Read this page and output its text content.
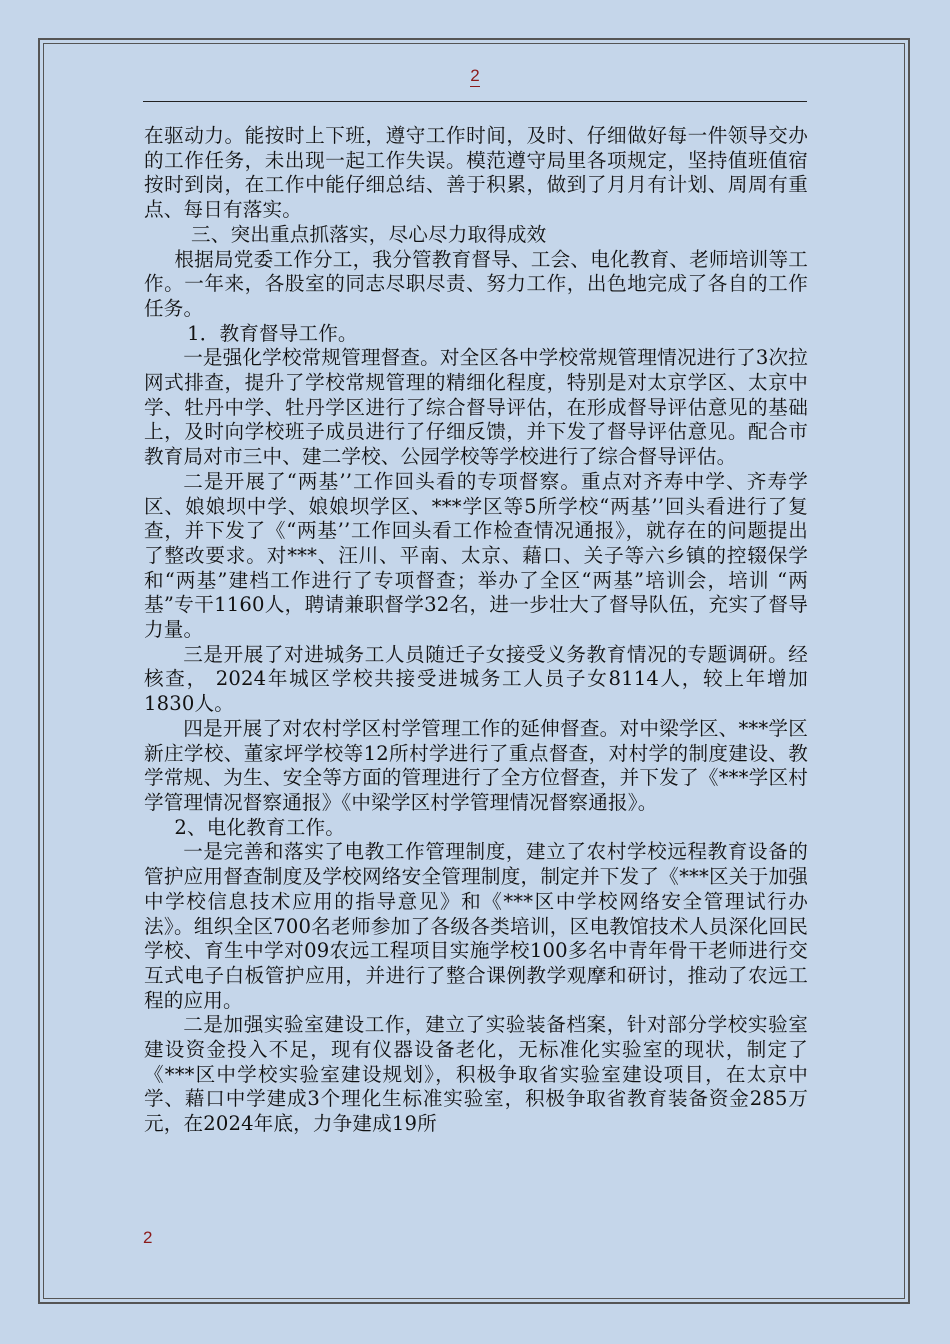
2

在驱动力。能按时上下班，遵守工作时间，及时、仔细做好每一件领导交办的工作任务，未出现一起工作失误。模范遵守局里各项规定，坚持值班值宿按时到岗，在工作中能仔细总结、善于积累，做到了月月有计划、周周有重点、每日有落实。

三、突出重点抓落实，尽心尽力取得成效

根据局党委工作分工，我分管教育督导、工会、电化教育、老师培训等工作。一年来，各股室的同志尽职尽责、努力工作，出色地完成了各自的工作任务。

1．教育督导工作。

一是强化学校常规管理督查。对全区各中学校常规管理情况进行了3次拉网式排查，提升了学校常规管理的精细化程度，特别是对太京学区、太京中学、牡丹中学、牡丹学区进行了综合督导评估，在形成督导评估意见的基础上，及时向学校班子成员进行了仔细反馈，并下发了督导评估意见。配合市教育局对市三中、建二学校、公园学校等学校进行了综合督导评估。

二是开展了“两基’’工作回头看的专项督察。重点对齐寿中学、齐寿学区、娘娘坝中学、娘娘坝学区、***学区等5所学校“两基’’回头看进行了复查，并下发了《“两基’’工作回头看工作检查情况通报》，就存在的问题提出了整改要求。对***、汪川、平南、太京、藉口、关子等六乡镇的控辍保学和“两基”建档工作进行了专项督查；举办了全区“两基”培训会，培训 “两基”专干1160人，聘请兼职督学32名，进一步壮大了督导队伍，充实了督导力量。

三是开展了对进城务工人员随迁子女接受义务教育情况的专题调研。经核查， 2024年城区学校共接受进城务工人员子女8114人，较上年增加1830人。

四是开展了对农村学区村学管理工作的延伸督查。对中梁学区、***学区新庄学校、董家坪学校等12所村学进行了重点督查，对村学的制度建设、教学常规、为生、安全等方面的管理进行了全方位督查，并下发了《***学区村学管理情况督察通报》《中梁学区村学管理情况督察通报》。

2、电化教育工作。

一是完善和落实了电教工作管理制度，建立了农村学校远程教育设备的管护应用督查制度及学校网络安全管理制度，制定并下发了《***区关于加强中学校信息技术应用的指导意见》和《***区中学校网络安全管理试行办法》。组织全区700名老师参加了各级各类培训，区电教馆技术人员深化回民学校、育生中学对09农远工程项目实施学校100多名中青年骨干老师进行交互式电子白板管护应用，并进行了整合课例教学观摩和研讨，推动了农远工程的应用。

二是加强实验室建设工作，建立了实验装备档案，针对部分学校实验室建设资金投入不足，现有仪器设备老化，无标准化实验室的现状，制定了《***区中学校实验室建设规划》，积极争取省实验室建设项目，在太京中学、藉口中学建成3个理化生标准实验室，积极争取省教育装备资金285万元，在2024年底，力争建成19所

2
